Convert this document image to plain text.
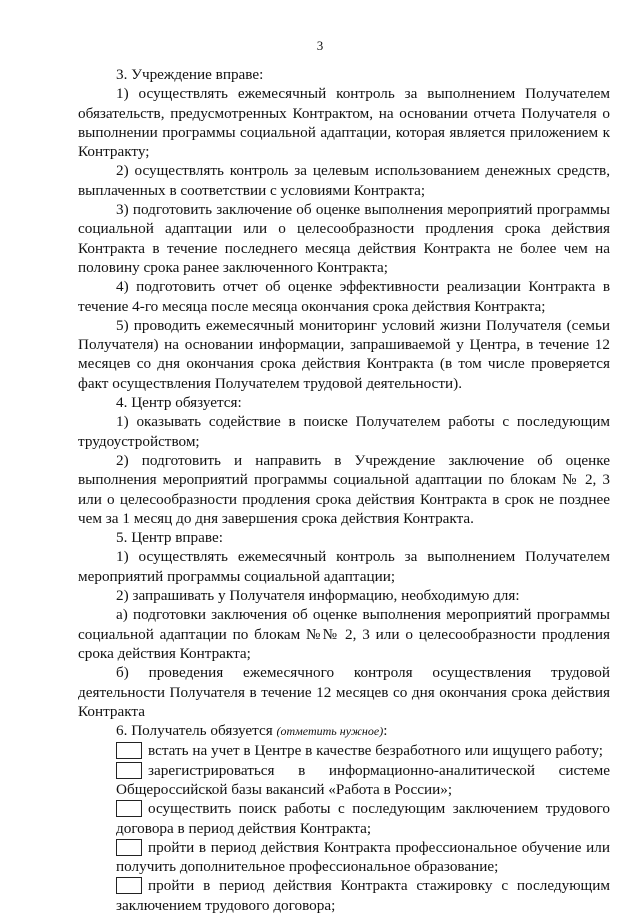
3

3. Учреждение вправе:

1) осуществлять ежемесячный контроль за выполнением Получателем обязательств, предусмотренных Контрактом, на основании отчета Получателя о выполнении программы социальной адаптации, которая является приложением к Контракту;

2) осуществлять контроль за целевым использованием денежных средств, выплаченных в соответствии с условиями Контракта;

3) подготовить заключение об оценке выполнения мероприятий программы социальной адаптации или о целесообразности продления срока действия Контракта в течение последнего месяца действия Контракта не более чем на половину срока ранее заключенного Контракта;

4) подготовить отчет об оценке эффективности реализации Контракта в течение 4-го месяца после месяца окончания срока действия Контракта;

5) проводить ежемесячный мониторинг условий жизни Получателя (семьи Получателя) на основании информации, запрашиваемой у Центра, в течение 12 месяцев со дня окончания срока действия Контракта (в том числе проверяется факт осуществления Получателем трудовой деятельности).

4. Центр обязуется:

1) оказывать содействие в поиске Получателем работы с последующим трудоустройством;

2) подготовить и направить в Учреждение заключение об оценке выполнения мероприятий программы социальной адаптации по блокам № 2, 3 или о целесообразности продления срока действия Контракта в срок не позднее чем за 1 месяц до дня завершения срока действия Контракта.

5. Центр вправе:

1) осуществлять ежемесячный контроль за выполнением Получателем мероприятий программы социальной адаптации;

2) запрашивать у Получателя информацию, необходимую для:

а) подготовки заключения об оценке выполнения мероприятий программы социальной адаптации по блокам №№ 2, 3 или о целесообразности продления срока действия Контракта;

б) проведения ежемесячного контроля осуществления трудовой деятельности Получателя в течение 12 месяцев со дня окончания срока действия Контракта

6. Получатель обязуется (отметить нужное):

встать на учет в Центре в качестве безработного или ищущего работу;

зарегистрироваться в информационно-аналитической системе Общероссийской базы вакансий «Работа в России»;

осуществить поиск работы с последующим заключением трудового договора в период действия Контракта;

пройти в период действия Контракта профессиональное обучение или получить дополнительное профессиональное образование;

пройти в период действия Контракта стажировку с последующим заключением трудового договора;
